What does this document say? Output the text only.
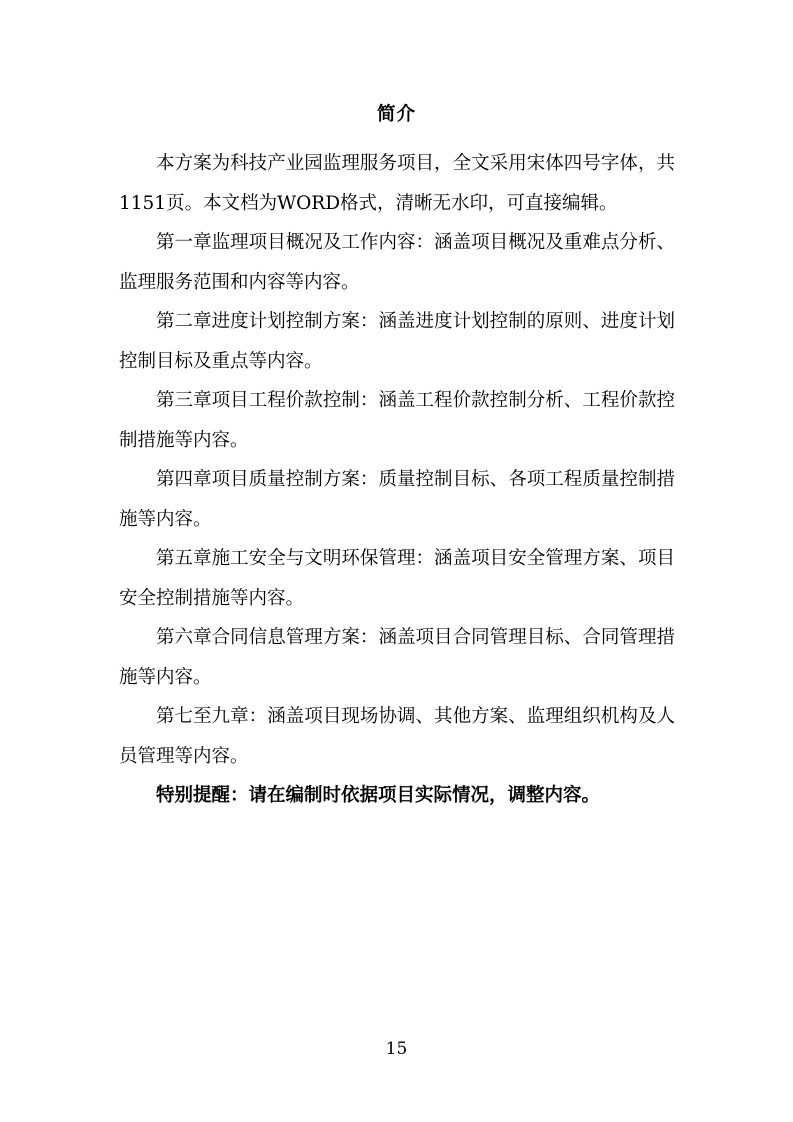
简介

本方案为科技产业园监理服务项目，全文采用宋体四号字体，共1151页。本文档为WORD格式，清晰无水印，可直接编辑。

第一章监理项目概况及工作内容：涵盖项目概况及重难点分析、监理服务范围和内容等内容。

第二章进度计划控制方案：涵盖进度计划控制的原则、进度计划控制目标及重点等内容。

第三章项目工程价款控制：涵盖工程价款控制分析、工程价款控制措施等内容。

第四章项目质量控制方案：质量控制目标、各项工程质量控制措施等内容。

第五章施工安全与文明环保管理：涵盖项目安全管理方案、项目安全控制措施等内容。

第六章合同信息管理方案：涵盖项目合同管理目标、合同管理措施等内容。

第七至九章：涵盖项目现场协调、其他方案、监理组织机构及人员管理等内容。

特别提醒：请在编制时依据项目实际情况，调整内容。

15
